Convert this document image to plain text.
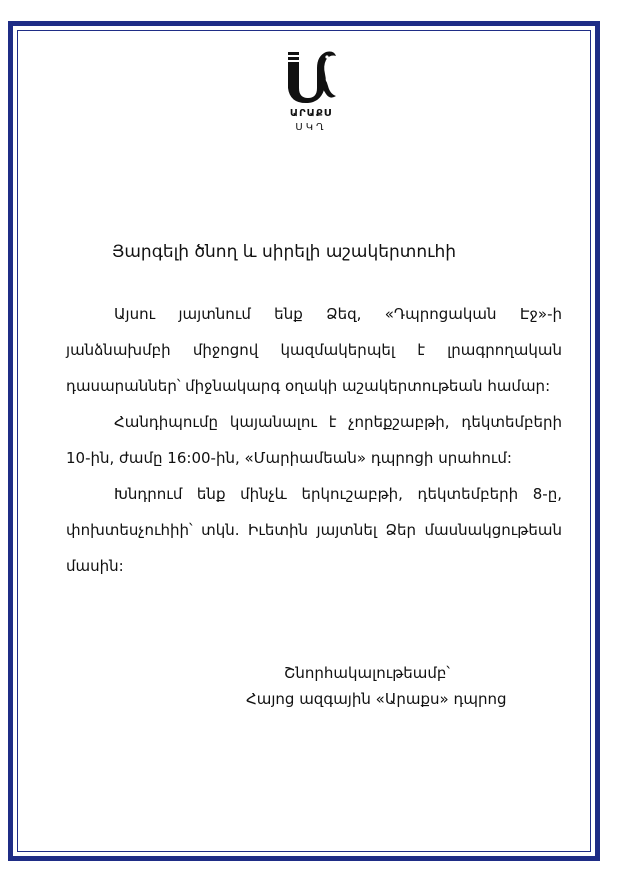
ԱՐԱՔՍ
ՍԿՂ
Յարգելի ծնող և սիրելի աշակերտուհի

Այսու յայտնում ենք Ձեզ, «Դպրոցական Էջ»-ի յանձնախմբի միջոցով կազմակերպել է լրագրողական դասարաններ՝ միջնակարգ օղակի աշակերտութեան համար:

Հանդիպումը կայանալու է չորեքշաբթի, դեկտեմբերի 10-ին, ժամը 16:00-ին, «Մարիամեան» դպրոցի սրահում:

Խնդրում ենք մինչև երկուշաբթի, դեկտեմբերի 8-ը, փոխտեսչուհիի՝ տկն. Իւետին յայտնել Ձեր մասնակցութեան մասին:

Շնորհակալութեամբ՝
Հայոց ազգային «Արաքս» դպրոց
